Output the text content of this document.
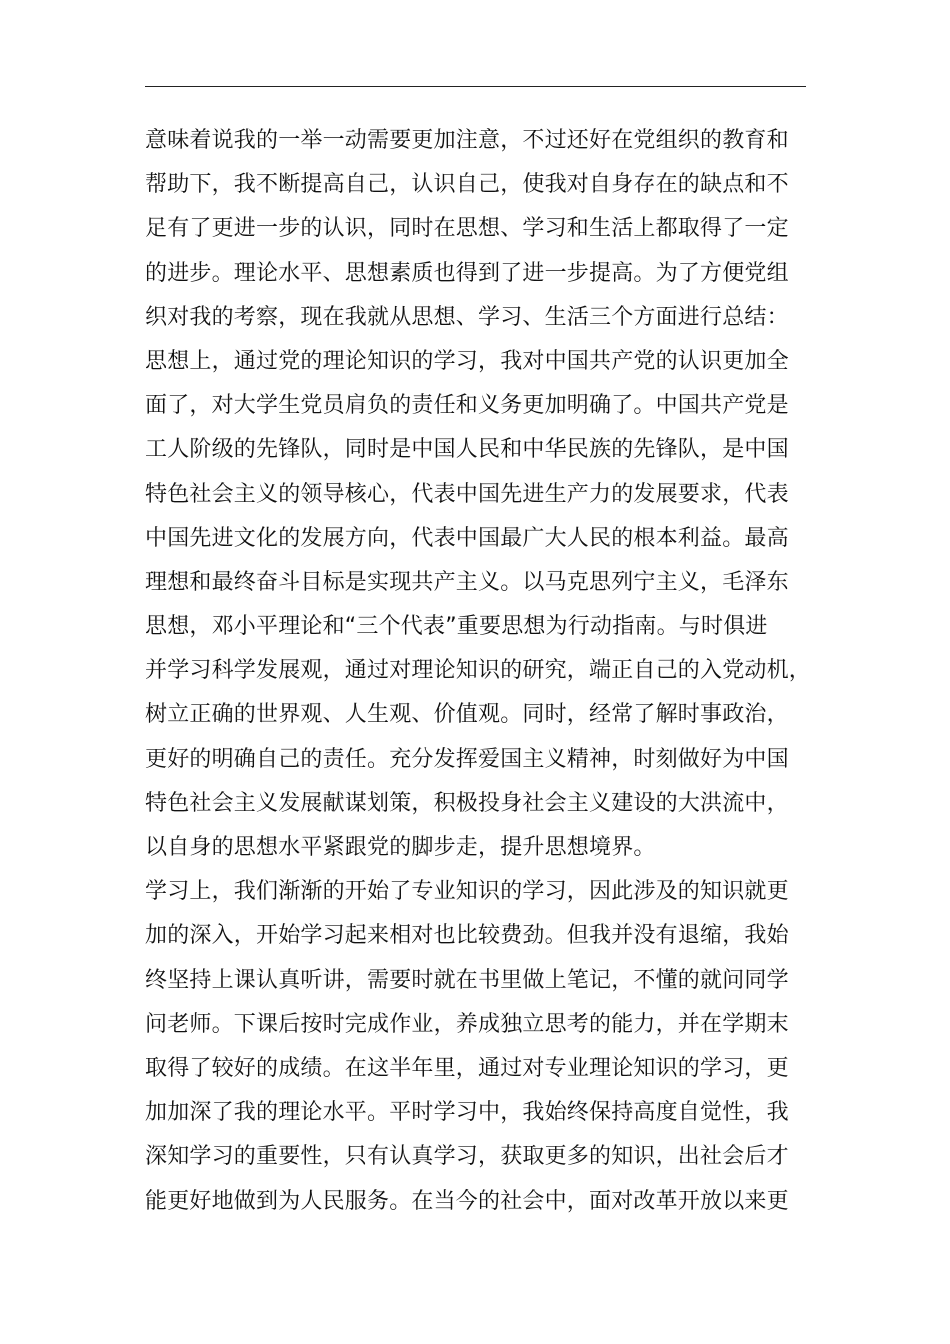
意味着说我的一举一动需要更加注意，不过还好在党组织的教育和
帮助下，我不断提高自己，认识自己，使我对自身存在的缺点和不
足有了更进一步的认识，同时在思想、学习和生活上都取得了一定
的进步。理论水平、思想素质也得到了进一步提高。为了方便党组
织对我的考察，现在我就从思想、学习、生活三个方面进行总结：
思想上，通过党的理论知识的学习，我对中国共产党的认识更加全
面了，对大学生党员肩负的责任和义务更加明确了。中国共产党是
工人阶级的先锋队，同时是中国人民和中华民族的先锋队，是中国
特色社会主义的领导核心，代表中国先进生产力的发展要求，代表
中国先进文化的发展方向，代表中国最广大人民的根本利益。最高
理想和最终奋斗目标是实现共产主义。以马克思列宁主义，毛泽东
思想，邓小平理论和“三个代表”重要思想为行动指南。与时俱进
并学习科学发展观，通过对理论知识的研究，端正自己的入党动机，
树立正确的世界观、人生观、价值观。同时，经常了解时事政治，
更好的明确自己的责任。充分发挥爱国主义精神，时刻做好为中国
特色社会主义发展献谋划策，积极投身社会主义建设的大洪流中，
以自身的思想水平紧跟党的脚步走，提升思想境界。
学习上，我们渐渐的开始了专业知识的学习，因此涉及的知识就更
加的深入，开始学习起来相对也比较费劲。但我并没有退缩，我始
终坚持上课认真听讲，需要时就在书里做上笔记，不懂的就问同学
问老师。下课后按时完成作业，养成独立思考的能力，并在学期末
取得了较好的成绩。在这半年里，通过对专业理论知识的学习，更
加加深了我的理论水平。平时学习中，我始终保持高度自觉性，我
深知学习的重要性，只有认真学习，获取更多的知识，出社会后才
能更好地做到为人民服务。在当今的社会中，面对改革开放以来更
